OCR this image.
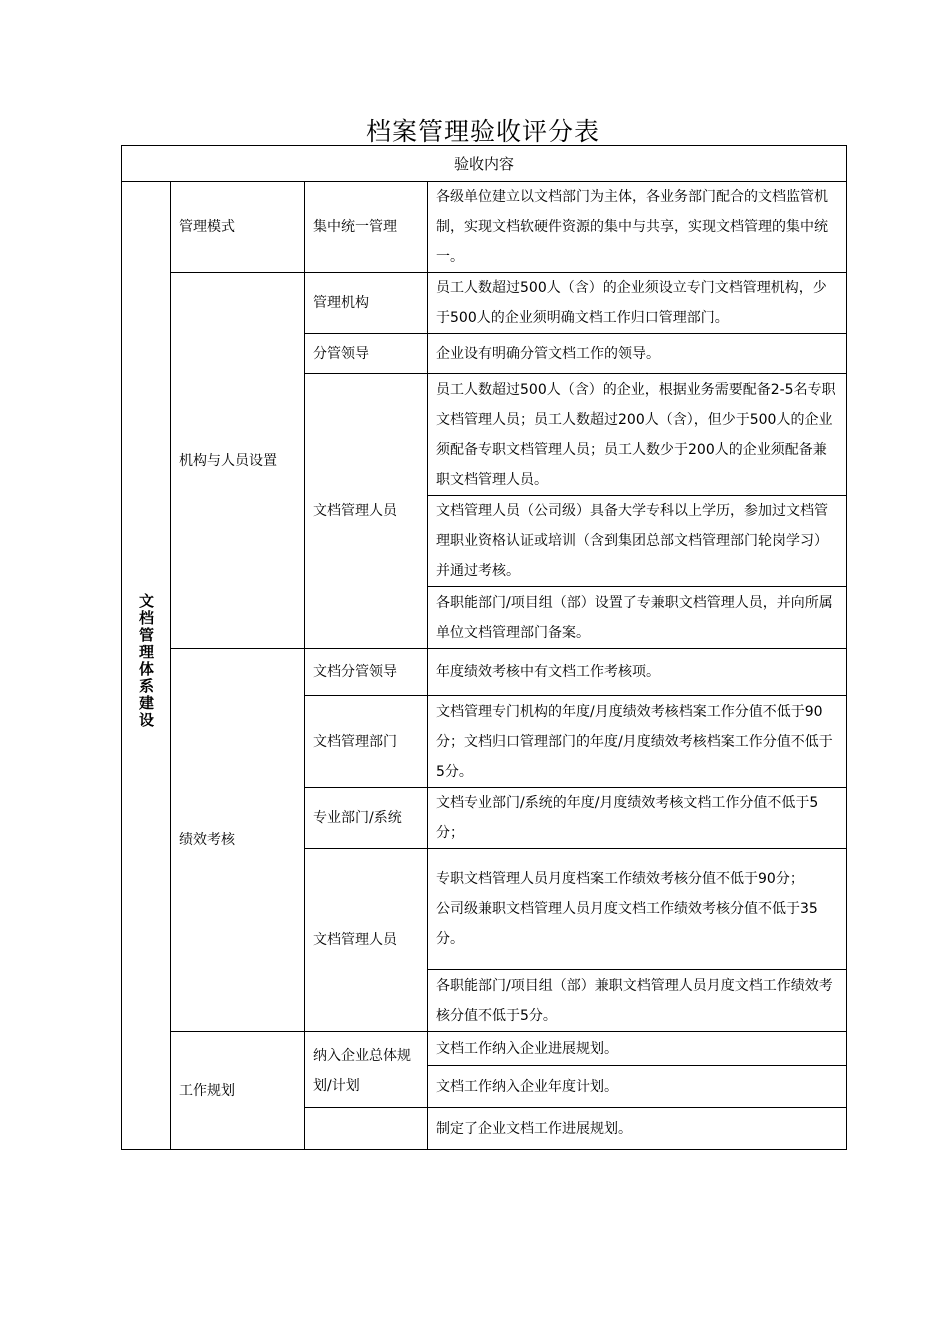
档案管理验收评分表
验收内容			
文档管理体系建设	管理模式	集中统一管理	各级单位建立以文档部门为主体，各业务部门配合的文档监管机制，实现文档软硬件资源的集中与共享，实现文档管理的集中统一。
	机构与人员设置	管理机构	员工人数超过500人（含）的企业须设立专门文档管理机构，少于500人的企业须明确文档工作归口管理部门。
		分管领导	企业设有明确分管文档工作的领导。
		文档管理人员	员工人数超过500人（含）的企业，根据业务需要配备2-5名专职文档管理人员；员工人数超过200人（含），但少于500人的企业须配备专职文档管理人员；员工人数少于200人的企业须配备兼职文档管理人员。
			文档管理人员（公司级）具备大学专科以上学历，参加过文档管理职业资格认证或培训（含到集团总部文档管理部门轮岗学习）并通过考核。
			各职能部门/项目组（部）设置了专兼职文档管理人员，并向所属单位文档管理部门备案。
	绩效考核	文档分管领导	年度绩效考核中有文档工作考核项。
		文档管理部门	文档管理专门机构的年度/月度绩效考核档案工作分值不低于90分；文档归口管理部门的年度/月度绩效考核档案工作分值不低于5分。
		专业部门/系统	文档专业部门/系统的年度/月度绩效考核文档工作分值不低于5分；
		文档管理人员	专职文档管理人员月度档案工作绩效考核分值不低于90分；
公司级兼职文档管理人员月度文档工作绩效考核分值不低于35分。

			各职能部门/项目组（部）兼职文档管理人员月度文档工作绩效考核分值不低于5分。
	工作规划	纳入企业总体规划/计划	文档工作纳入企业进展规划。
			文档工作纳入企业年度计划。
			制定了企业文档工作进展规划。
